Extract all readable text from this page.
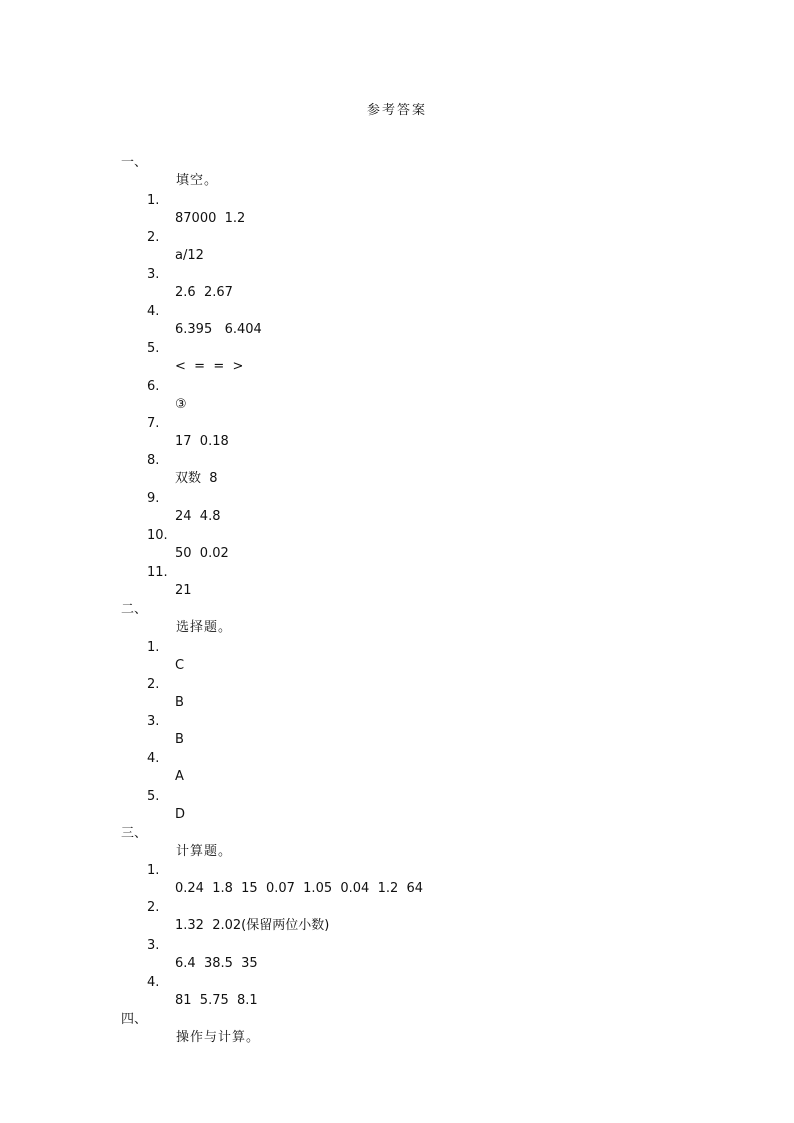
参考答案

一、

填空。

1.

87000  1.2

2.

a/12

3.

2.6̇  2.67

4.

6.395   6.404

5.

<  =  =  >

6.

③

7.

17  0.18

8.

双数  8

9.

24  4.8

10.

50  0.02

11.

21

二、

选择题。

1.

C

2.

B

3.

B

4.

A

5.

D

三、

计算题。

1.

0.24  1.8  15  0.07  1.05  0.04  1.2  64

2.

1.32  2.02(保留两位小数)

3.

6.4  38.5  35

4.

81  5.75  8.1

四、

操作与计算。
